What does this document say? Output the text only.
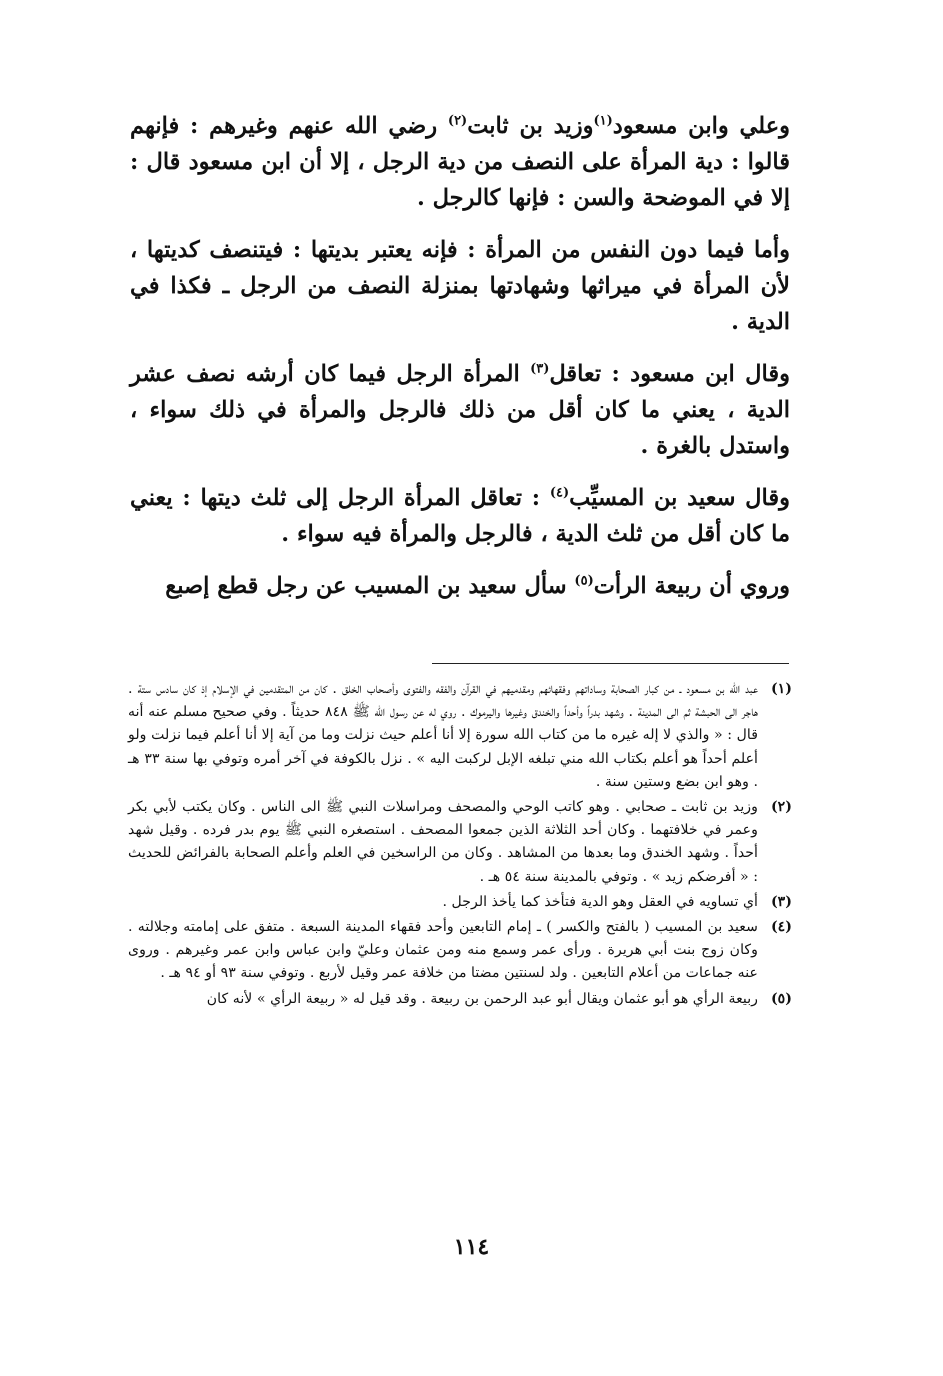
وعلي وابن مسعود$^{(١)}$وزيد بن ثابت$^{(٢)}$ رضي الله عنهم وغيرهم : فإنهم قالوا : دية المرأة على النصف من دية الرجل ، إلا أن ابن مسعود قال : إلا في الموضحة والسن : فإنها كالرجل .

وأما فيما دون النفس من المرأة : فإنه يعتبر بديتها : فيتنصف كديتها ، لأن المرأة في ميراثها وشهادتها بمنزلة النصف من الرجل ـ فكذا في الدية .

وقال ابن مسعود : تعاقل$^{(٣)}$ المرأة الرجل فيما كان أرشه نصف عشر الدية ، يعني ما كان أقل من ذلك فالرجل والمرأة في ذلك سواء ، واستدل بالغرة .

وقال سعيد بن المسيِّب$^{(٤)}$ : تعاقل المرأة الرجل إلى ثلث ديتها : يعني ما كان أقل من ثلث الدية ، فالرجل والمرأة فيه سواء .

وروي أن ربيعة الرأت$^{(٥)}$ سأل سعيد بن المسيب عن رجل قطع إصبع

(١)
عبد الله بن مسعود ـ من كبار الصحابة وساداتهم وفقهائهم ومقدميهم في القرآن والفقه والفتوى وأصحاب الخلق . كان من المتقدمين في الإسلام إذ كان سادس ستة . هاجر الى الحبشة ثم الى المدينة . وشهد بدراً وأحداً والخندق وغيرها واليرموك . روي له عن رسول الله ﷺ ٨٤٨ حديثاً . وفي صحيح مسلم عنه أنه قال : « والذي لا إله غيره ما من كتاب الله سورة إلا أنا أعلم حيث نزلت وما من آية إلا أنا أعلم فيما نزلت ولو أعلم أحداً هو أعلم بكتاب الله مني تبلغه الإبل لركبت اليه » . نزل بالكوفة في آخر أمره وتوفي بها سنة ٣٣ هـ . وهو ابن بضع وستين سنة .
(٢)
وزيد بن ثابت ـ صحابي . وهو كاتب الوحي والمصحف ومراسلات النبي ﷺ الى الناس . وكان يكتب لأبي بكر وعمر في خلافتهما . وكان أحد الثلاثة الذين جمعوا المصحف . استصغره النبي ﷺ يوم بدر فرده . وقيل شهد أحداً . وشهد الخندق وما بعدها من المشاهد . وكان من الراسخين في العلم وأعلم الصحابة بالفرائض للحديث : « أفرضكم زيد » . وتوفي بالمدينة سنة ٥٤ هـ .
(٣)
أي تساويه في العقل وهو الدية فتأخذ كما يأخذ الرجل .
(٤)
سعيد بن المسيب ( بالفتح والكسر ) ـ إمام التابعين وأحد فقهاء المدينة السبعة . متفق على إمامته وجلالته . وكان زوج بنت أبي هريرة . ورأى عمر وسمع منه ومن عثمان وعليّ وابن عباس وابن عمر وغيرهم . وروى عنه جماعات من أعلام التابعين . ولد لسنتين مضتا من خلافة عمر وقيل لأربع . وتوفي سنة ٩٣ أو ٩٤ هـ .
(٥)
ربيعة الرأي هو أبو عثمان ويقال أبو عبد الرحمن بن ربيعة . وقد قيل له « ربيعة الرأي » لأنه كان
١١٤
